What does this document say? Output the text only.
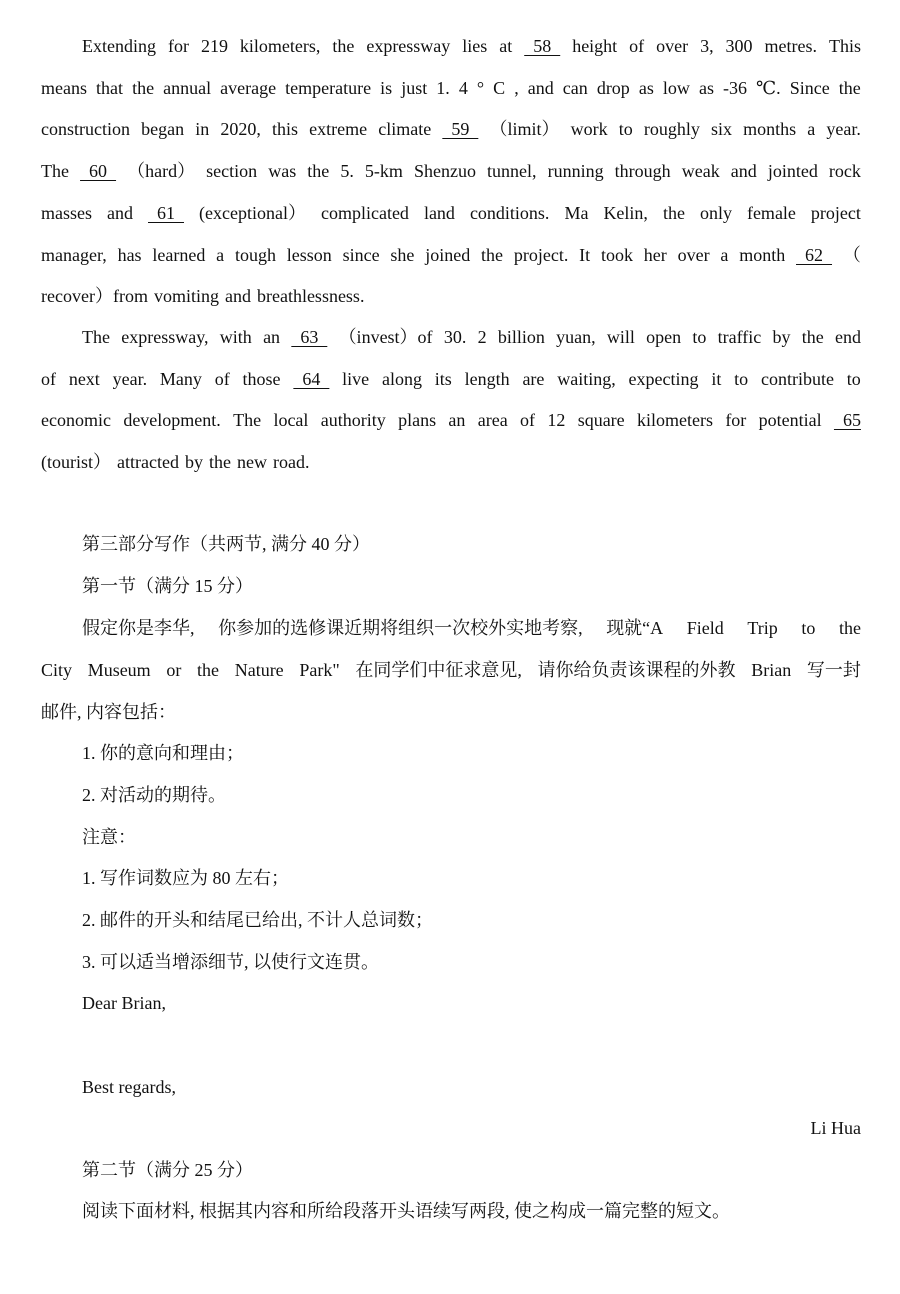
Extending for 219 kilometers, the expressway lies at 58 height of over 3, 300 metres. This
means that the annual average temperature is just 1. 4 ° C , and can drop as low as -36 ℃. Since the
construction began in 2020, this extreme climate 59 （limit） work to roughly six months a year.
The 60 （hard） section was the 5. 5-km Shenzuo tunnel, running through weak and jointed rock
masses and 61 (exceptional） complicated land conditions. Ma Kelin, the only female project
manager, has learned a tough lesson since she joined the project. It took her over a month 62 （
recover）from vomiting and breathlessness.
The expressway, with an 63 （invest）of 30. 2 billion yuan, will open to traffic by the end
of next year. Many of those 64 live along its length are waiting, expecting it to contribute to
economic development. The local authority plans an area of 12 square kilometers for potential 65
(tourist） attracted by the new road.

第三部分写作（共两节, 满分 40 分）

第一节（满分 15 分）

假定你是李华, 你参加的选修课近期将组织一次校外实地考察, 现就“A Field Trip to the
City Museum or the Nature Park" 在同学们中征求意见, 请你给负责该课程的外教 Brian 写一封

邮件, 内容包括：

1. 你的意向和理由；

2. 对活动的期待。

注意：

1. 写作词数应为 80 左右；

2. 邮件的开头和结尾已给出, 不计人总词数；

3. 可以适当增添细节, 以使行文连贯。

Dear Brian,

Best regards,

Li Hua

第二节（满分 25 分）

阅读下面材料, 根据其内容和所给段落开头语续写两段, 使之构成一篇完整的短文。
